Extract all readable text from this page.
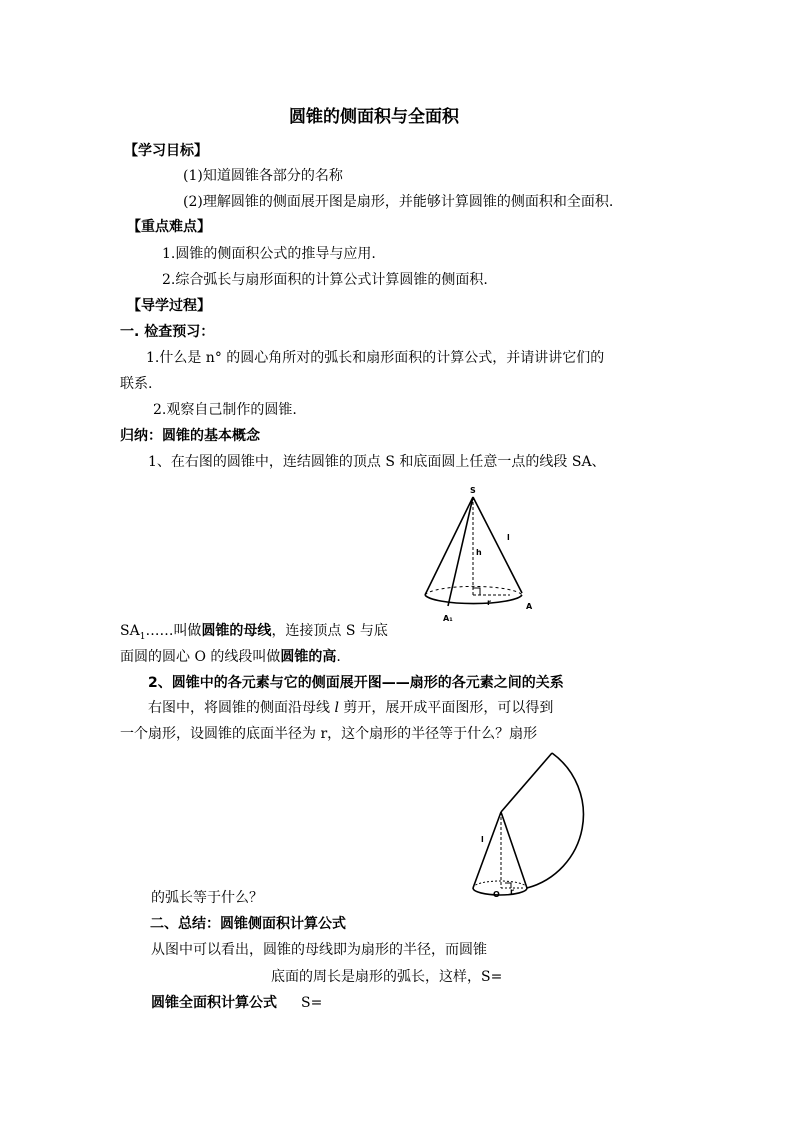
圆锥的侧面积与全面积
【学习目标】
(1)知道圆锥各部分的名称
(2)理解圆锥的侧面展开图是扇形，并能够计算圆锥的侧面积和全面积.
【重点难点】
1.圆锥的侧面积公式的推导与应用.
2.综合弧长与扇形面积的计算公式计算圆锥的侧面积.
【导学过程】
一. 检查预习：
1.什么是 n° 的圆心角所对的弧长和扇形面积的计算公式，并请讲讲它们的
联系.
2.观察自己制作的圆锥.
归纳：圆锥的基本概念
1、在右图的圆锥中，连结圆锥的顶点 S 和底面圆上任意一点的线段 SA、
S
l
h
r	A
A₁
$SA_1\dots\dots$叫做圆锥的母线，连接顶点 S 与底
面圆的圆心 O 的线段叫做圆锥的高.
2、圆锥中的各元素与它的侧面展开图——扇形的各元素之间的关系
右图中，将圆锥的侧面沿母线 l 剪开，展开成平面图形，可以得到
一个扇形，设圆锥的底面半径为 r，这个扇形的半径等于什么？扇形
l
O r
的弧长等于什么？
二、总结：圆锥侧面积计算公式
从图中可以看出，圆锥的母线即为扇形的半径，而圆锥
底面的周长是扇形的弧长，这样，S=
圆锥全面积计算公式 S=
